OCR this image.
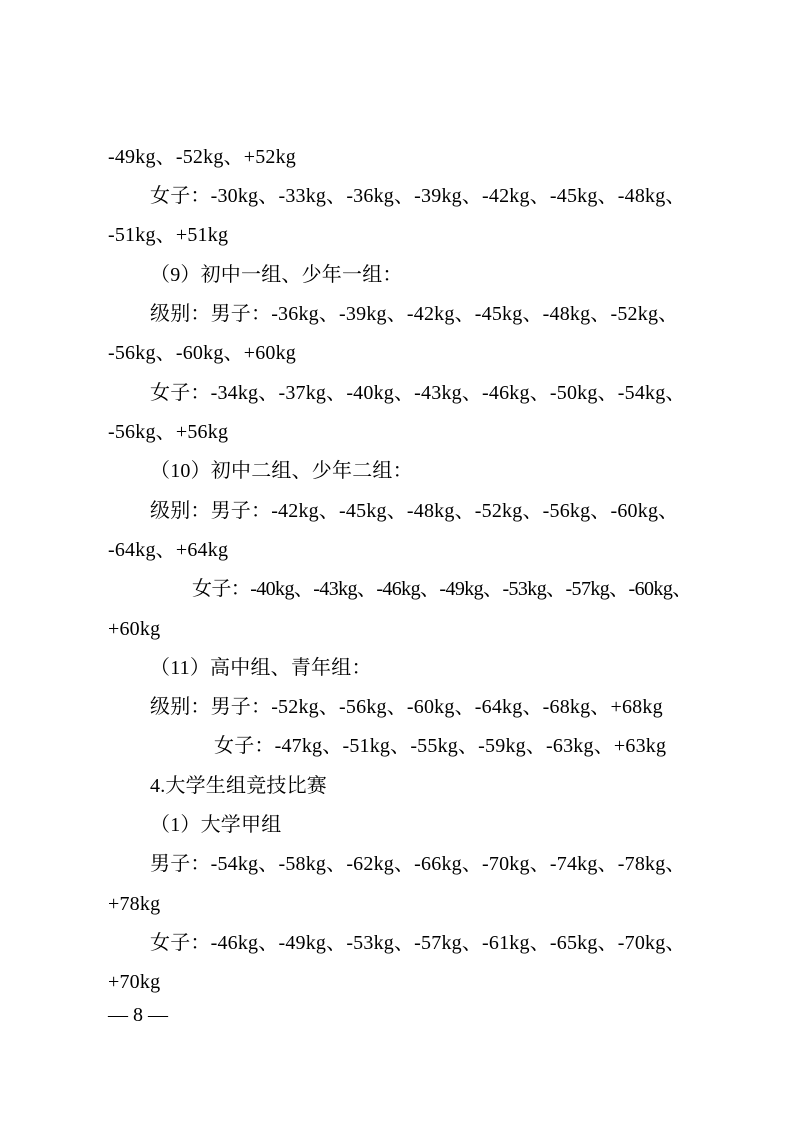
-49kg、-52kg、+52kg
女子：-30kg、-33kg、-36kg、-39kg、-42kg、-45kg、-48kg、
-51kg、+51kg
（9）初中一组、少年一组：
级别：男子：-36kg、-39kg、-42kg、-45kg、-48kg、-52kg、
-56kg、-60kg、+60kg
女子：-34kg、-37kg、-40kg、-43kg、-46kg、-50kg、-54kg、
-56kg、+56kg
（10）初中二组、少年二组：
级别：男子：-42kg、-45kg、-48kg、-52kg、-56kg、-60kg、
-64kg、+64kg
女子：-40kg、-43kg、-46kg、-49kg、-53kg、-57kg、-60kg、
+60kg
（11）高中组、青年组：
级别：男子：-52kg、-56kg、-60kg、-64kg、-68kg、+68kg
女子：-47kg、-51kg、-55kg、-59kg、-63kg、+63kg
4.大学生组竞技比赛
（1）大学甲组
男子：-54kg、-58kg、-62kg、-66kg、-70kg、-74kg、-78kg、
+78kg
女子：-46kg、-49kg、-53kg、-57kg、-61kg、-65kg、-70kg、
+70kg
— 8 —
